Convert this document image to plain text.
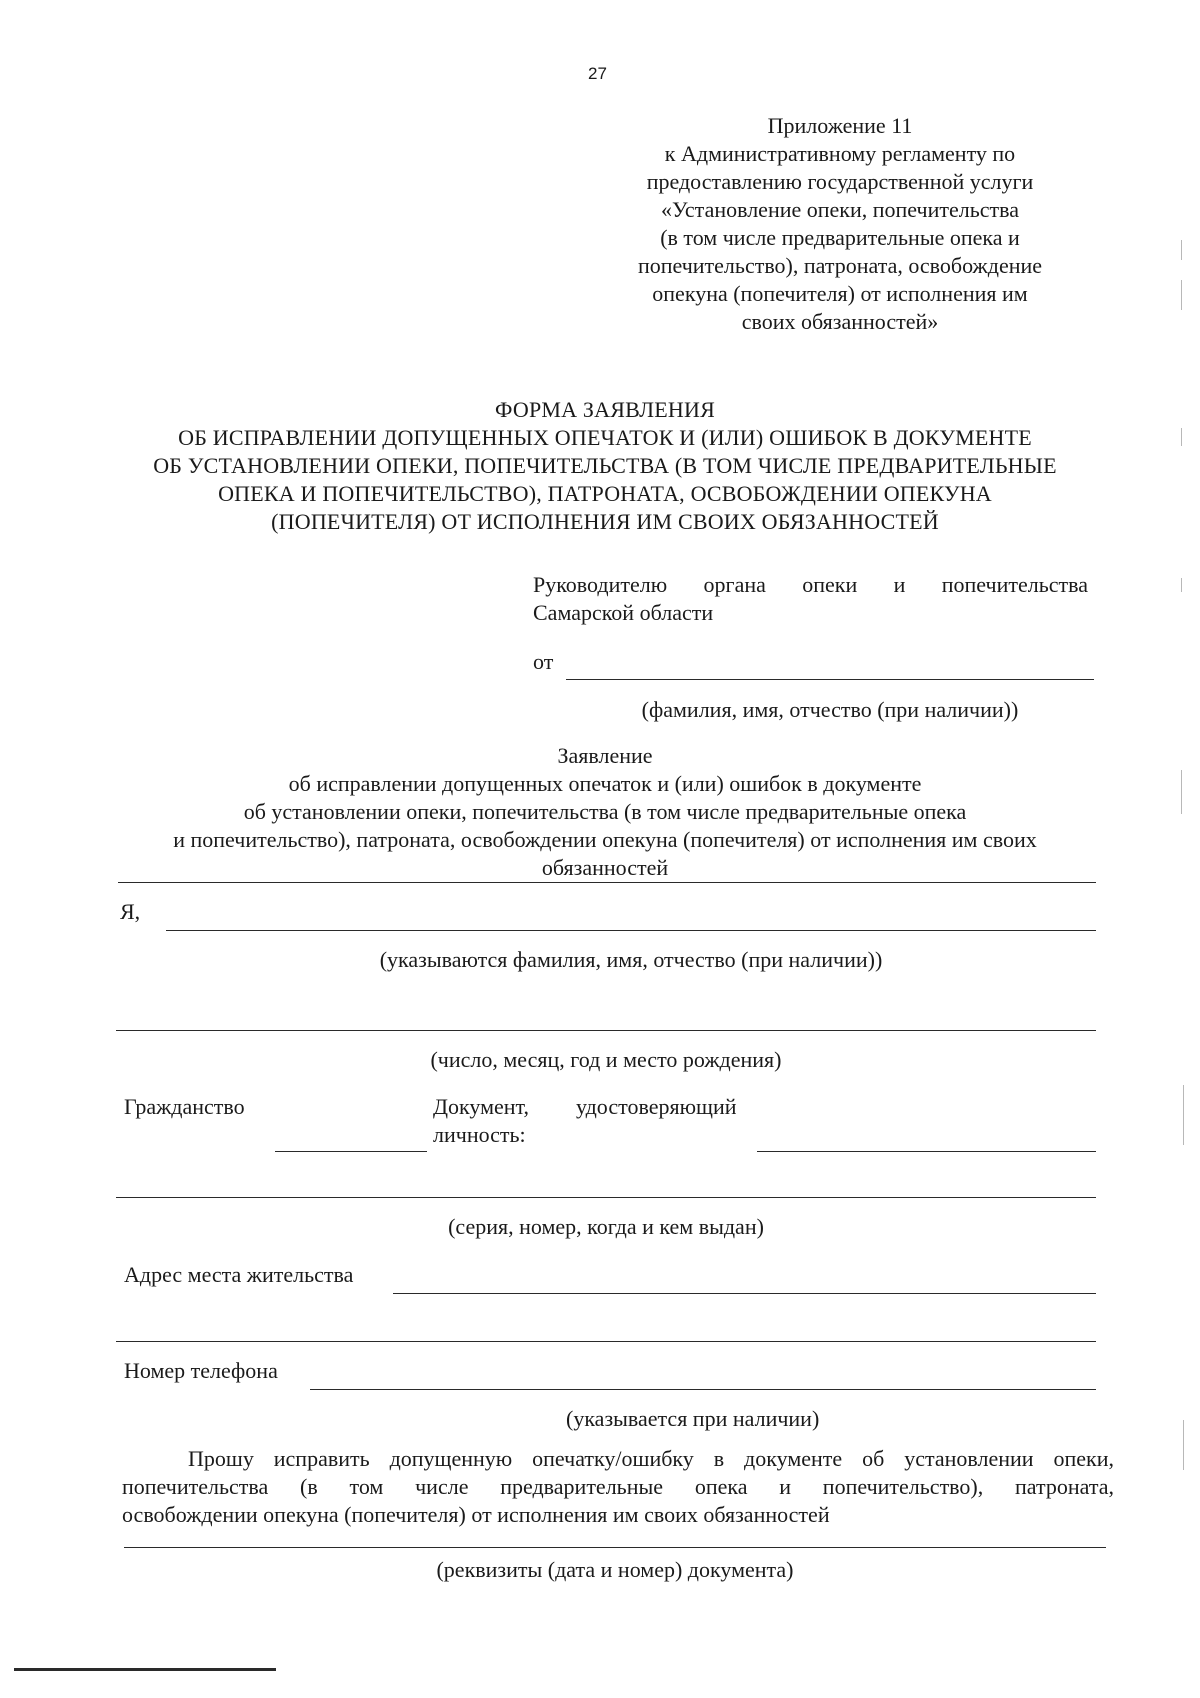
27
Приложение 11
к Административному регламенту по
предоставлению государственной услуги
«Установление опеки, попечительства
(в том числе предварительные опека и
попечительство), патроната, освобождение
опекуна (попечителя) от исполнения им
своих обязанностей»
ФОРМА ЗАЯВЛЕНИЯ
ОБ ИСПРАВЛЕНИИ ДОПУЩЕННЫХ ОПЕЧАТОК И (ИЛИ) ОШИБОК В ДОКУМЕНТЕ
ОБ УСТАНОВЛЕНИИ ОПЕКИ, ПОПЕЧИТЕЛЬСТВА (В ТОМ ЧИСЛЕ ПРЕДВАРИТЕЛЬНЫЕ
ОПЕКА И ПОПЕЧИТЕЛЬСТВО), ПАТРОНАТА, ОСВОБОЖДЕНИИ ОПЕКУНА
(ПОПЕЧИТЕЛЯ) ОТ ИСПОЛНЕНИЯ ИМ СВОИХ ОБЯЗАННОСТЕЙ
Руководителю органа опеки и попечительства
Самарской области
от
(фамилия, имя, отчество (при наличии))
Заявление
об исправлении допущенных опечаток и (или) ошибок в документе
об установлении опеки, попечительства (в том числе предварительные опека
и попечительство), патроната, освобождении опекуна (попечителя) от исполнения им своих
обязанностей
Я,
(указываются фамилия, имя, отчество (при наличии))
(число, месяц, год и место рождения)
Гражданство	Документ, удостоверяющий
личность:
(серия, номер, когда и кем выдан)
Адрес места жительства
Номер телефона
(указывается при наличии)
Прошу исправить допущенную опечатку/ошибку в документе об установлении опеки,
попечительства (в том числе предварительные опека и попечительство), патроната,
освобождении опекуна (попечителя) от исполнения им своих обязанностей
(реквизиты (дата и номер) документа)
